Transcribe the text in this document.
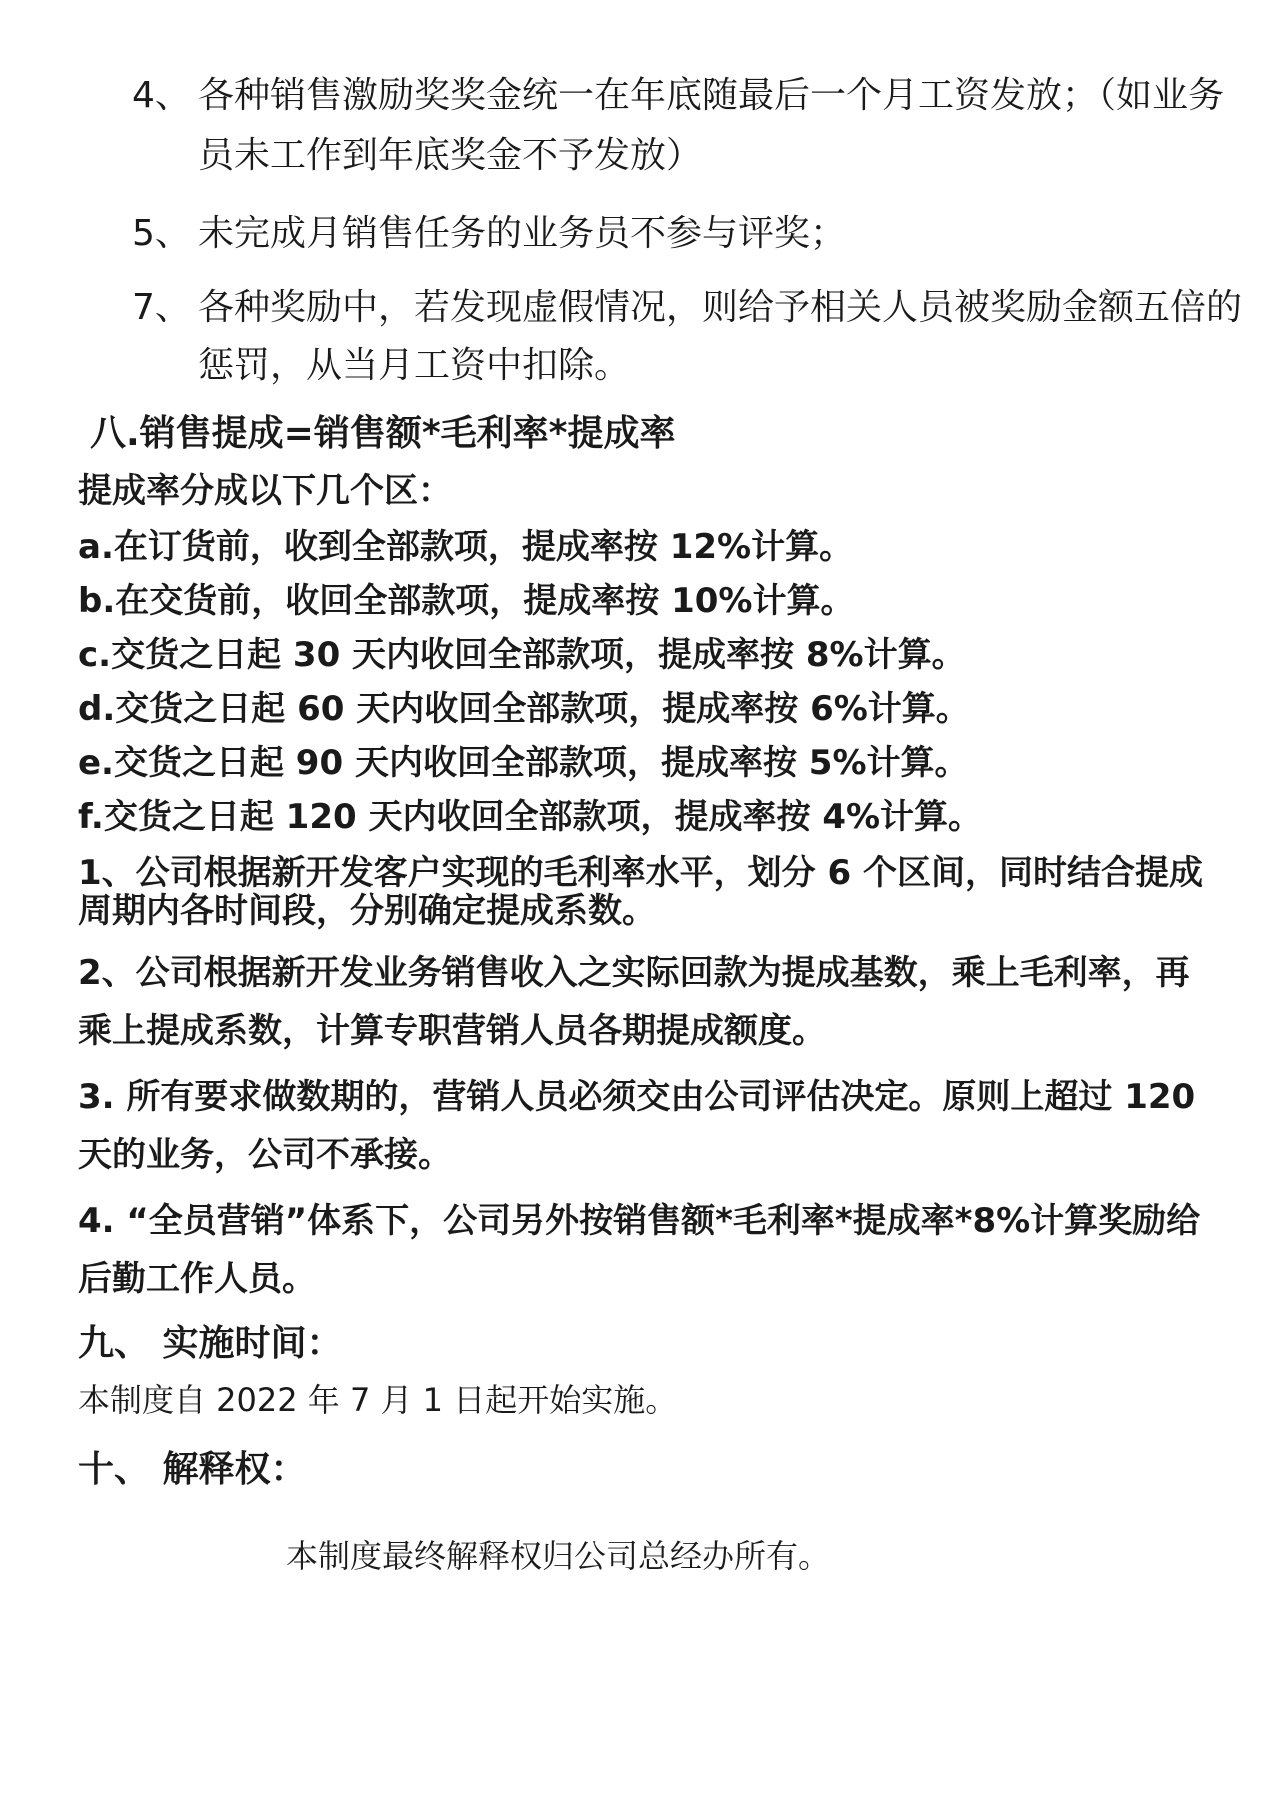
4、 各种销售激励奖奖金统一在年底随最后一个月工资发放；（如业务
员未工作到年底奖金不予发放）
5、 未完成月销售任务的业务员不参与评奖；
7、 各种奖励中，若发现虚假情况，则给予相关人员被奖励金额五倍的
惩罚，从当月工资中扣除。
八.销售提成=销售额*毛利率*提成率
提成率分成以下几个区：
a.在订货前，收到全部款项，提成率按 12%计算。
b.在交货前，收回全部款项，提成率按 10%计算。
c.交货之日起 30 天内收回全部款项，提成率按 8%计算。
d.交货之日起 60 天内收回全部款项，提成率按 6%计算。
e.交货之日起 90 天内收回全部款项，提成率按 5%计算。
f.交货之日起 120 天内收回全部款项，提成率按 4%计算。
1、公司根据新开发客户实现的毛利率水平，划分 6 个区间，同时结合提成
周期内各时间段，分别确定提成系数。
2、公司根据新开发业务销售收入之实际回款为提成基数，乘上毛利率，再
乘上提成系数，计算专职营销人员各期提成额度。
3. 所有要求做数期的，营销人员必须交由公司评估决定。原则上超过 120
天的业务，公司不承接。
4. “全员营销”体系下，公司另外按销售额*毛利率*提成率*8%计算奖励给
后勤工作人员。
九、 实施时间：
本制度自 2022 年 7 月 1 日起开始实施。
十、 解释权：
本制度最终解释权归公司总经办所有。
